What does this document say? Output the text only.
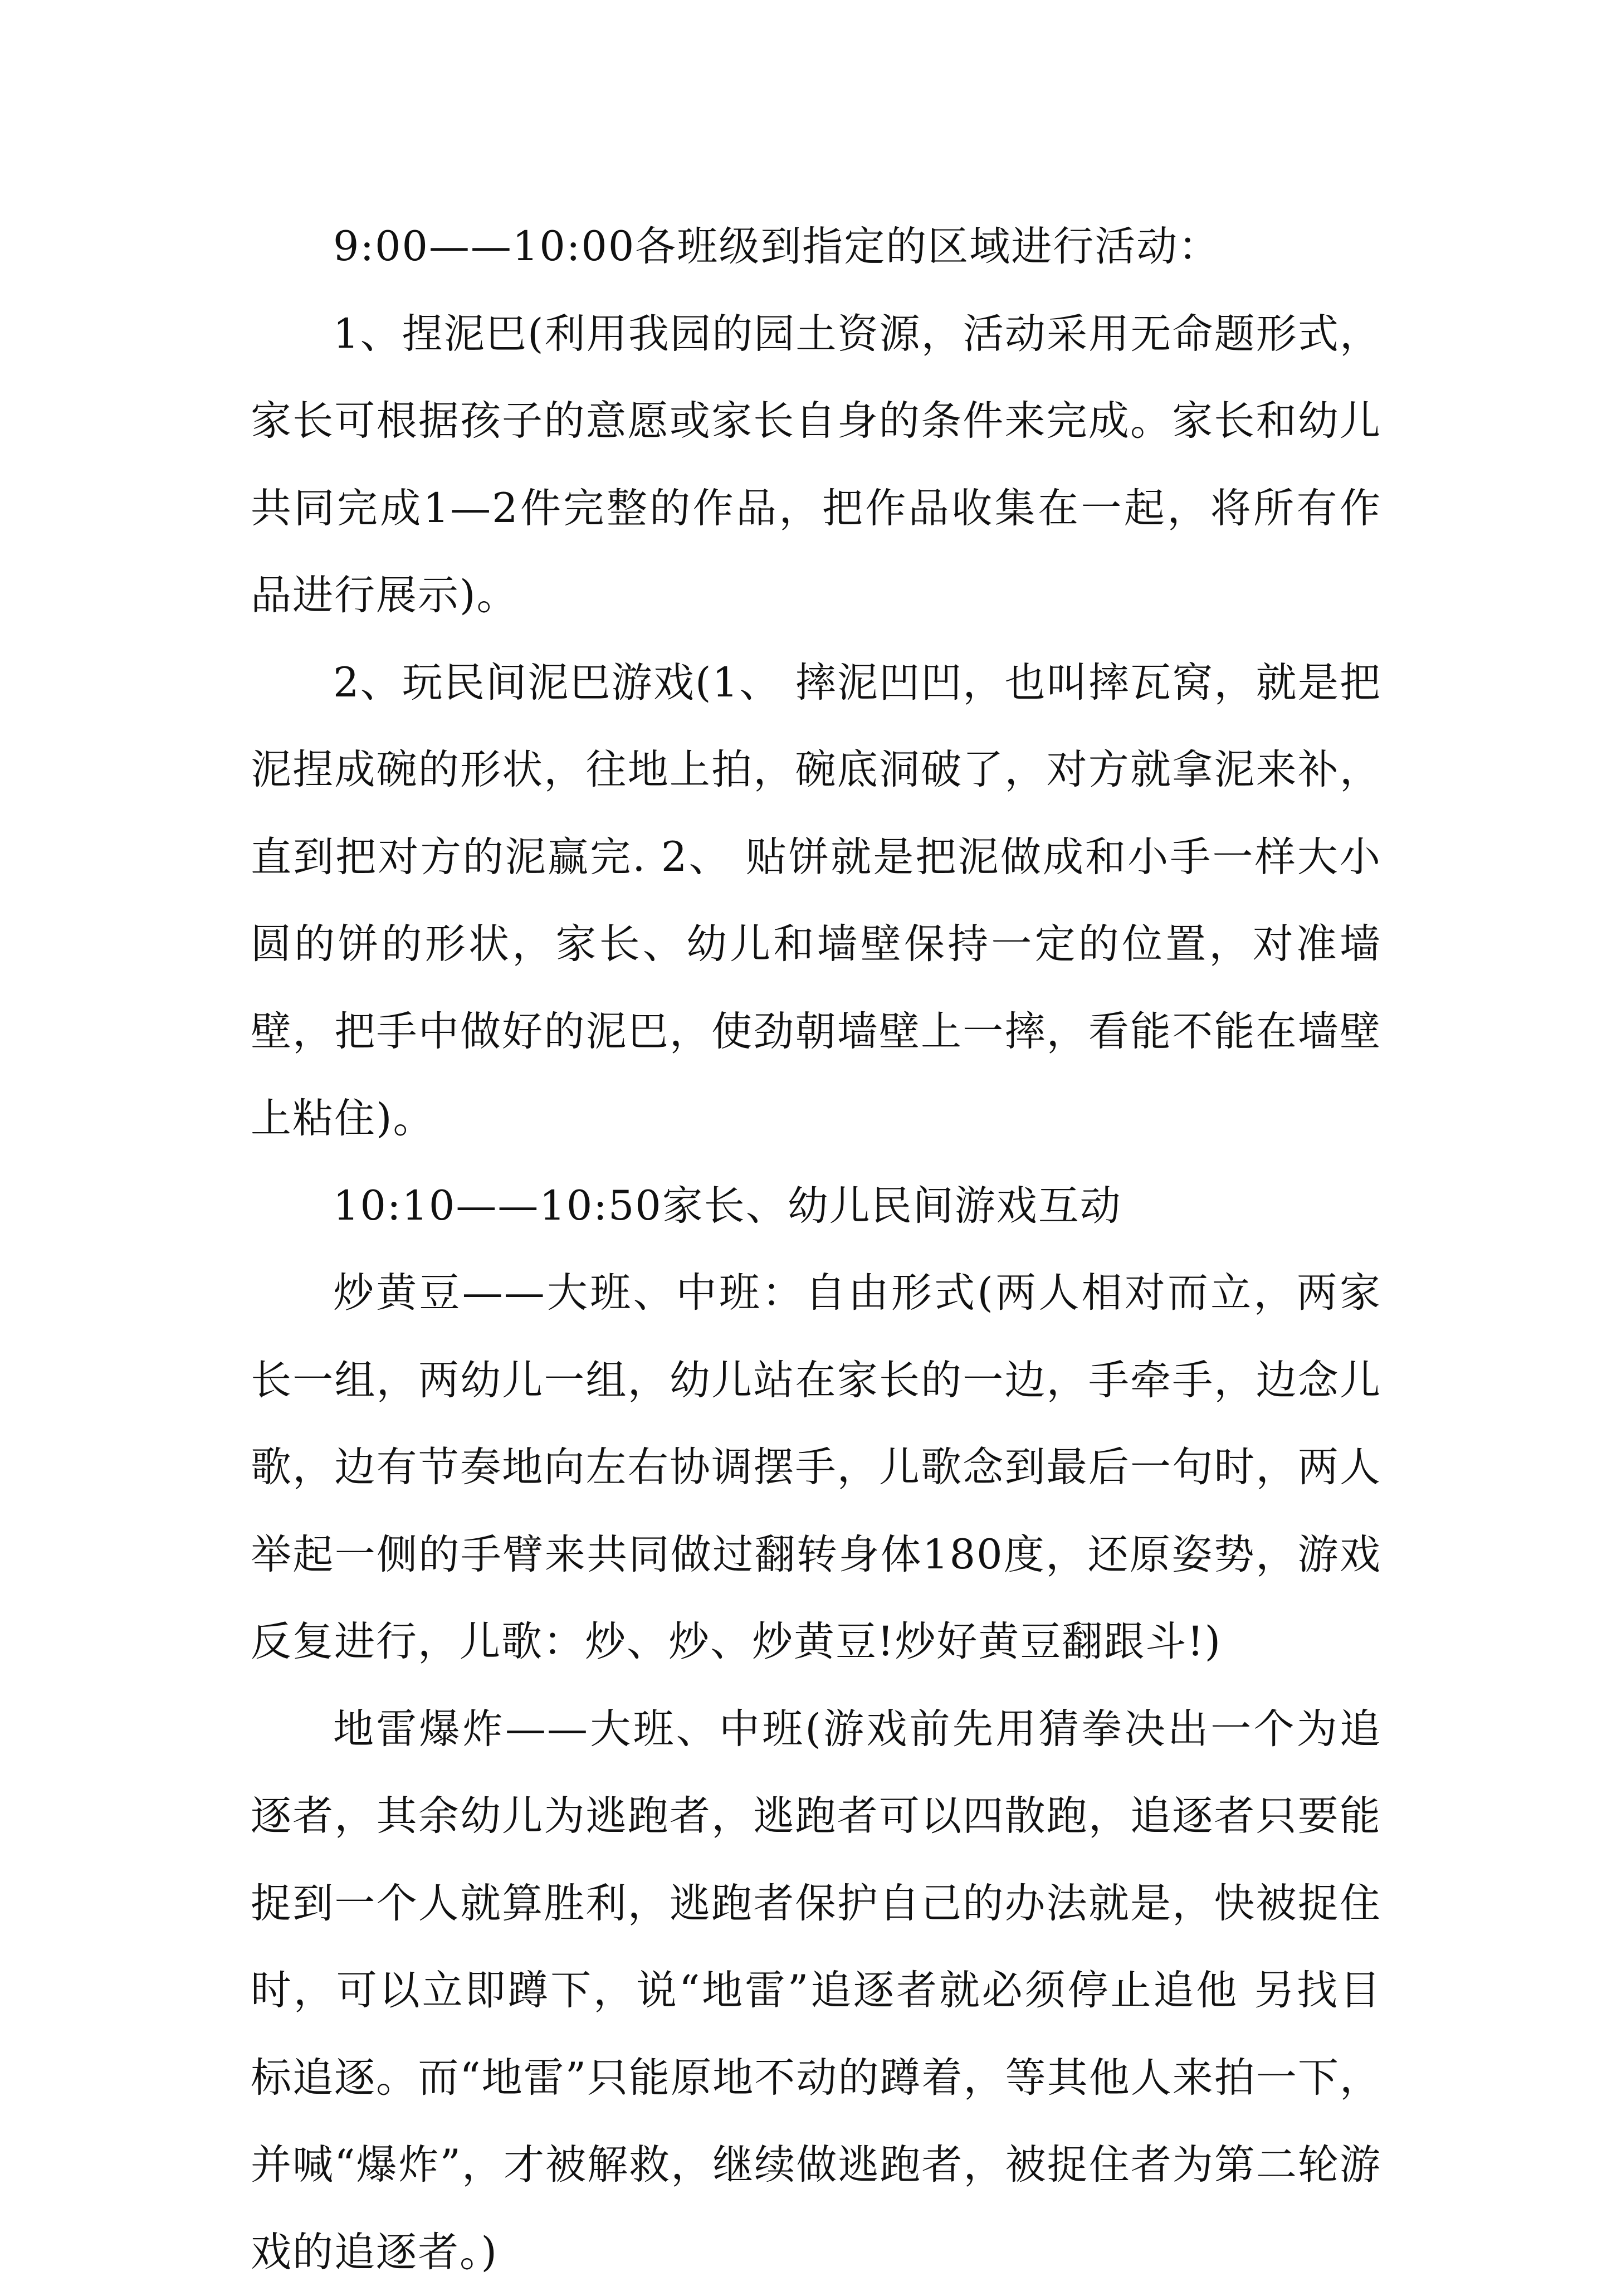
9:00——10:00各班级到指定的区域进行活动：

1、捏泥巴(利用我园的园土资源，活动采用无命题形式，家长可根据孩子的意愿或家长自身的条件来完成。家长和幼儿共同完成1—2件完整的作品，把作品收集在一起，将所有作品进行展示)。

2、玩民间泥巴游戏(1、 摔泥凹凹，也叫摔瓦窝，就是把泥捏成碗的形状，往地上拍，碗底洞破了，对方就拿泥来补，直到把对方的泥赢完. 2、 贴饼就是把泥做成和小手一样大小圆的饼的形状，家长、幼儿和墙壁保持一定的位置，对准墙壁，把手中做好的泥巴，使劲朝墙壁上一摔，看能不能在墙壁上粘住)。

10:10——10:50家长、幼儿民间游戏互动

炒黄豆——大班、中班：自由形式(两人相对而立，两家长一组，两幼儿一组，幼儿站在家长的一边，手牵手，边念儿歌，边有节奏地向左右协调摆手，儿歌念到最后一句时，两人举起一侧的手臂来共同做过翻转身体180度，还原姿势，游戏反复进行，儿歌：炒、炒、炒黄豆!炒好黄豆翻跟斗!)

地雷爆炸——大班、中班(游戏前先用猜拳决出一个为追逐者，其余幼儿为逃跑者，逃跑者可以四散跑，追逐者只要能捉到一个人就算胜利，逃跑者保护自己的办法就是，快被捉住时，可以立即蹲下，说“地雷”追逐者就必须停止追他 另找目标追逐。而“地雷”只能原地不动的蹲着，等其他人来拍一下，并喊“爆炸”，才被解救，继续做逃跑者，被捉住者为第二轮游戏的追逐者。)
